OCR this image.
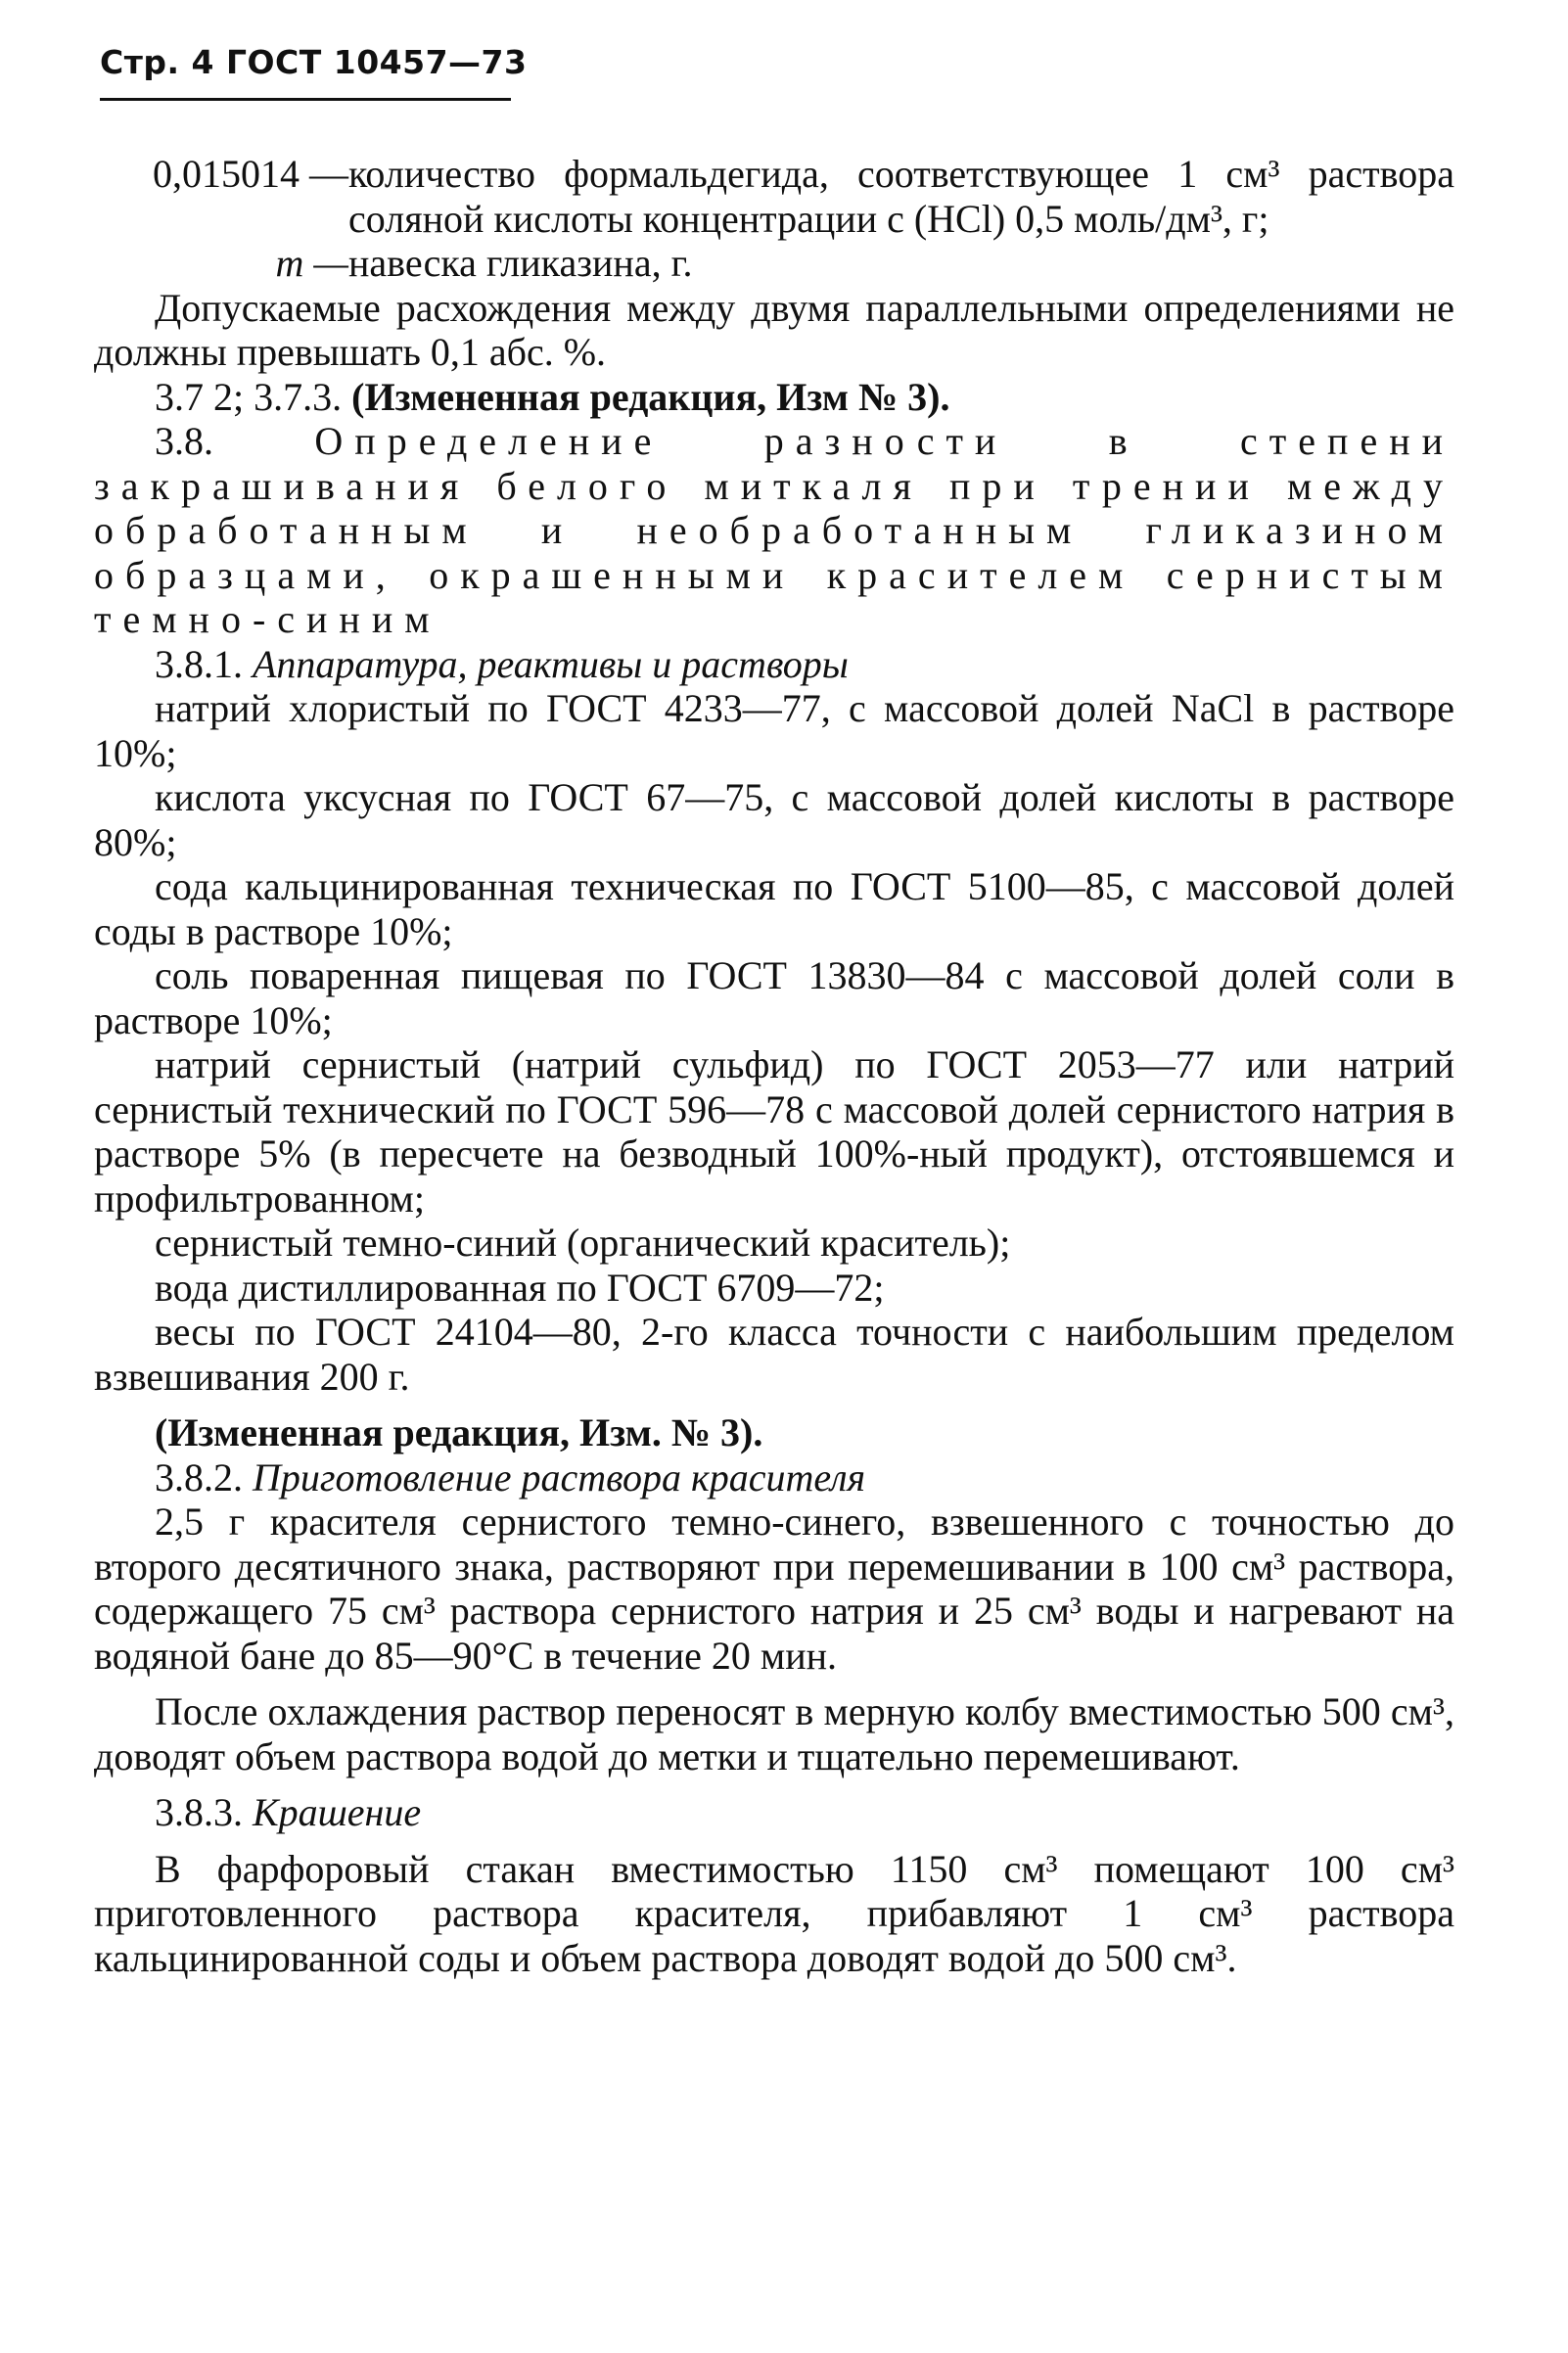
Стр. 4 ГОСТ 10457—73
0,015014 — количество формальдегида, соответствующее 1 см³ раствора соляной кислоты концентрации с (HCl) 0,5 моль/дм³, г;
m — навеска гликазина, г.

Допускаемые расхождения между двумя параллельными определениями не должны превышать 0,1 абс. %.

3.7 2; 3.7.3. (Измененная редакция, Изм № 3).

3.8.	Определение разности в степени закрашивания белого миткаля при трении между обработанным и необработанным гликазином образцами, окрашенными красителем сернистым темно-синим

3.8.1. Аппаратура, реактивы и растворы

натрий хлористый по ГОСТ 4233—77, с массовой долей NaCl в растворе 10%;

кислота уксусная по ГОСТ 67—75, с массовой долей кислоты в растворе 80%;

сода кальцинированная техническая по ГОСТ 5100—85, с массовой долей соды в растворе 10%;

соль поваренная пищевая по ГОСТ 13830—84 с массовой долей соли в растворе 10%;

натрий сернистый (натрий сульфид) по ГОСТ 2053—77 или натрий сернистый технический по ГОСТ 596—78 с массовой долей сернистого натрия в растворе 5% (в пересчете на безводный 100%-ный продукт), отстоявшемся и профильтрованном;

сернистый темно-синий (органический краситель);

вода дистиллированная по ГОСТ 6709—72;

весы по ГОСТ 24104—80, 2-го класса точности с наибольшим пределом взвешивания 200 г.

(Измененная редакция, Изм. № 3).

3.8.2. Приготовление раствора красителя

2,5 г красителя сернистого темно-синего, взвешенного с точностью до второго десятичного знака, растворяют при перемешивании в 100 см³ раствора, содержащего 75 см³ раствора сернистого натрия и 25 см³ воды и нагревают на водяной бане до 85—90°C в течение 20 мин.

После охлаждения раствор переносят в мерную колбу вместимостью 500 см³, доводят объем раствора водой до метки и тщательно перемешивают.

3.8.3. Крашение

В фарфоровый стакан вместимостью 1150 см³ помещают 100 см³ приготовленного раствора красителя, прибавляют 1 см³ раствора кальцинированной соды и объем раствора доводят водой до 500 см³.
